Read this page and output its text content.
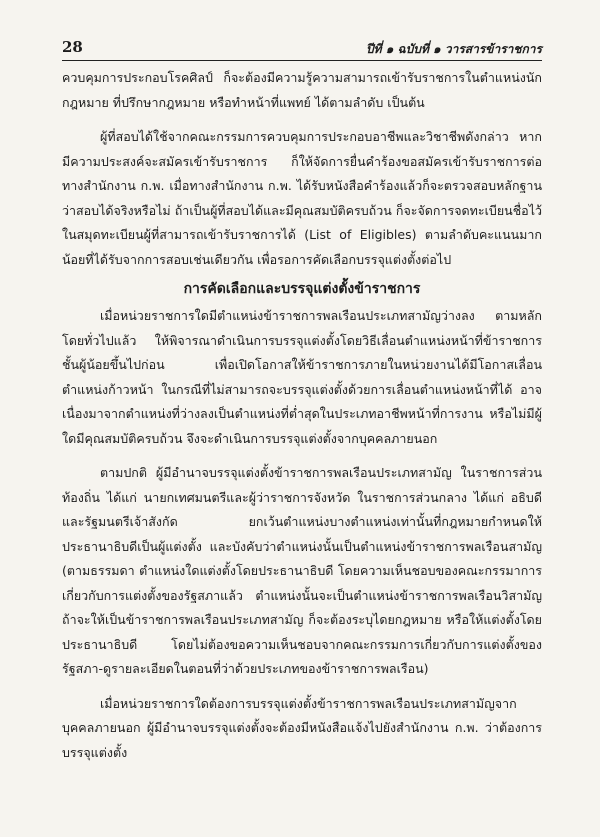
28	ปีที่ ๑ ฉบับที่ ๑ วารสารข้าราชการ

ควบคุมการประกอบโรคศิลป์ ก็จะต้องมีความรู้ความสามารถเข้ารับราชการในตำแหน่งนักกฎหมาย ที่ปรึกษากฎหมาย หรือทำหน้าที่แพทย์ ได้ตามลำดับ เป็นต้น

ผู้ที่สอบได้ใช้จากคณะกรรมการควบคุมการประกอบอาชีพและวิชาชีพดังกล่าว หากมีความประสงค์จะสมัครเข้ารับราชการ ก็ให้จัดการยื่นคำร้องขอสมัครเข้ารับราชการต่อทางสำนักงาน ก.พ. เมื่อทางสำนักงาน ก.พ. ได้รับหนังสือคำร้องแล้วก็จะตรวจสอบหลักฐานว่าสอบได้จริงหรือไม่ ถ้าเป็นผู้ที่สอบได้และมีคุณสมบัติครบถ้วน ก็จะจัดการจดทะเบียนชื่อไว้ในสมุดทะเบียนผู้ที่สามารถเข้ารับราชการได้ (List of Eligibles) ตามลำดับคะแนนมากน้อยที่ได้รับจากการสอบเช่นเดียวกัน เพื่อรอการคัดเลือกบรรจุแต่งตั้งต่อไป

การคัดเลือกและบรรจุแต่งตั้งข้าราชการ

เมื่อหน่วยราชการใดมีตำแหน่งข้าราชการพลเรือนประเภทสามัญว่างลง ตามหลักโดยทั่วไปแล้ว ให้พิจารณาดำเนินการบรรจุแต่งตั้งโดยวิธีเลื่อนตำแหน่งหน้าที่ข้าราชการชั้นผู้น้อยขึ้นไปก่อน เพื่อเปิดโอกาสให้ข้าราชการภายในหน่วยงานได้มีโอกาสเลื่อนตำแหน่งก้าวหน้า ในกรณีที่ไม่สามารถจะบรรจุแต่งตั้งด้วยการเลื่อนตำแหน่งหน้าที่ได้ อาจเนื่องมาจากตำแหน่งที่ว่างลงเป็นตำแหน่งที่ต่ำสุดในประเภทอาชีพหน้าที่การงาน หรือไม่มีผู้ใดมีคุณสมบัติครบถ้วน จึงจะดำเนินการบรรจุแต่งตั้งจากบุคคลภายนอก

ตามปกติ ผู้มีอำนาจบรรจุแต่งตั้งข้าราชการพลเรือนประเภทสามัญ ในราชการส่วนท้องถิ่น ได้แก่ นายกเทศมนตรีและผู้ว่าราชการจังหวัด ในราชการส่วนกลาง ได้แก่ อธิบดีและรัฐมนตรีเจ้าสังกัด ยกเว้นตำแหน่งบางตำแหน่งเท่านั้นที่กฎหมายกำหนดให้ประธานาธิบดีเป็นผู้แต่งตั้ง และบังคับว่าตำแหน่งนั้นเป็นตำแหน่งข้าราชการพลเรือนสามัญ (ตามธรรมดา ตำแหน่งใดแต่งตั้งโดยประธานาธิบดี โดยความเห็นชอบของคณะกรรมาการเกี่ยวกับการแต่งตั้งของรัฐสภาแล้ว ตำแหน่งนั้นจะเป็นตำแหน่งข้าราชการพลเรือนวิสามัญ ถ้าจะให้เป็นข้าราชการพลเรือนประเภทสามัญ ก็จะต้องระบุไดยกฎหมาย หรือให้แต่งตั้งโดยประธานาธิบดี โดยไม่ต้องขอความเห็นชอบจากคณะกรรมการเกี่ยวกับการแต่งตั้งของรัฐสภา-ดูรายละเอียดในตอนที่ว่าด้วยประเภทของข้าราชการพลเรือน)

เมื่อหน่วยราชการใดต้องการบรรจุแต่งตั้งข้าราชการพลเรือนประเภทสามัญจากบุคคลภายนอก ผู้มีอำนาจบรรจุแต่งตั้งจะต้องมีหนังสือแจ้งไปยังสำนักงาน ก.พ. ว่าต้องการบรรจุแต่งตั้ง
